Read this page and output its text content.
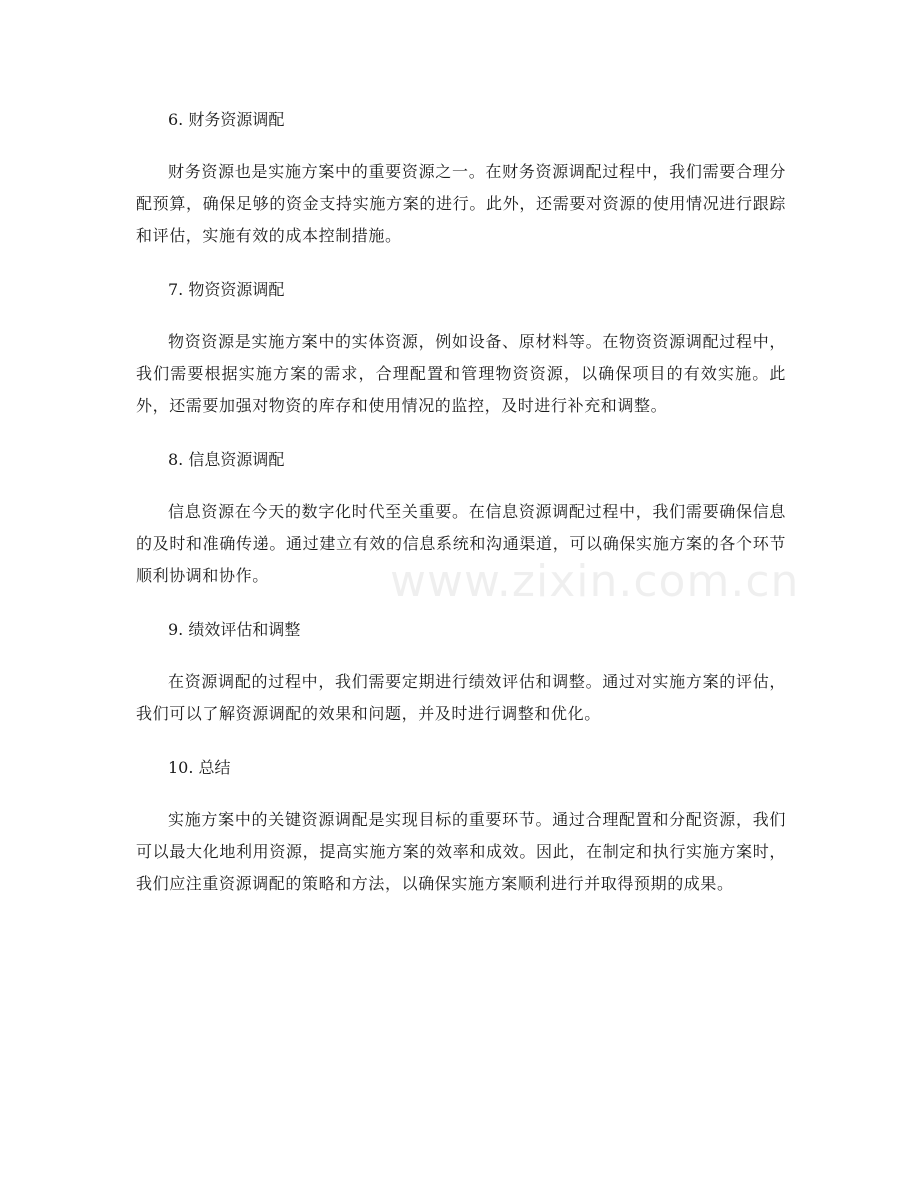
www.zixin.com.cn
6. 财务资源调配

财务资源也是实施方案中的重要资源之一。在财务资源调配过程中，我们需要合理分配预算，确保足够的资金支持实施方案的进行。此外，还需要对资源的使用情况进行跟踪和评估，实施有效的成本控制措施。

7. 物资资源调配

物资资源是实施方案中的实体资源，例如设备、原材料等。在物资资源调配过程中，我们需要根据实施方案的需求，合理配置和管理物资资源，以确保项目的有效实施。此外，还需要加强对物资的库存和使用情况的监控，及时进行补充和调整。

8. 信息资源调配

信息资源在今天的数字化时代至关重要。在信息资源调配过程中，我们需要确保信息的及时和准确传递。通过建立有效的信息系统和沟通渠道，可以确保实施方案的各个环节顺利协调和协作。

9. 绩效评估和调整

在资源调配的过程中，我们需要定期进行绩效评估和调整。通过对实施方案的评估，我们可以了解资源调配的效果和问题，并及时进行调整和优化。

10. 总结

实施方案中的关键资源调配是实现目标的重要环节。通过合理配置和分配资源，我们可以最大化地利用资源，提高实施方案的效率和成效。因此，在制定和执行实施方案时，我们应注重资源调配的策略和方法，以确保实施方案顺利进行并取得预期的成果。
